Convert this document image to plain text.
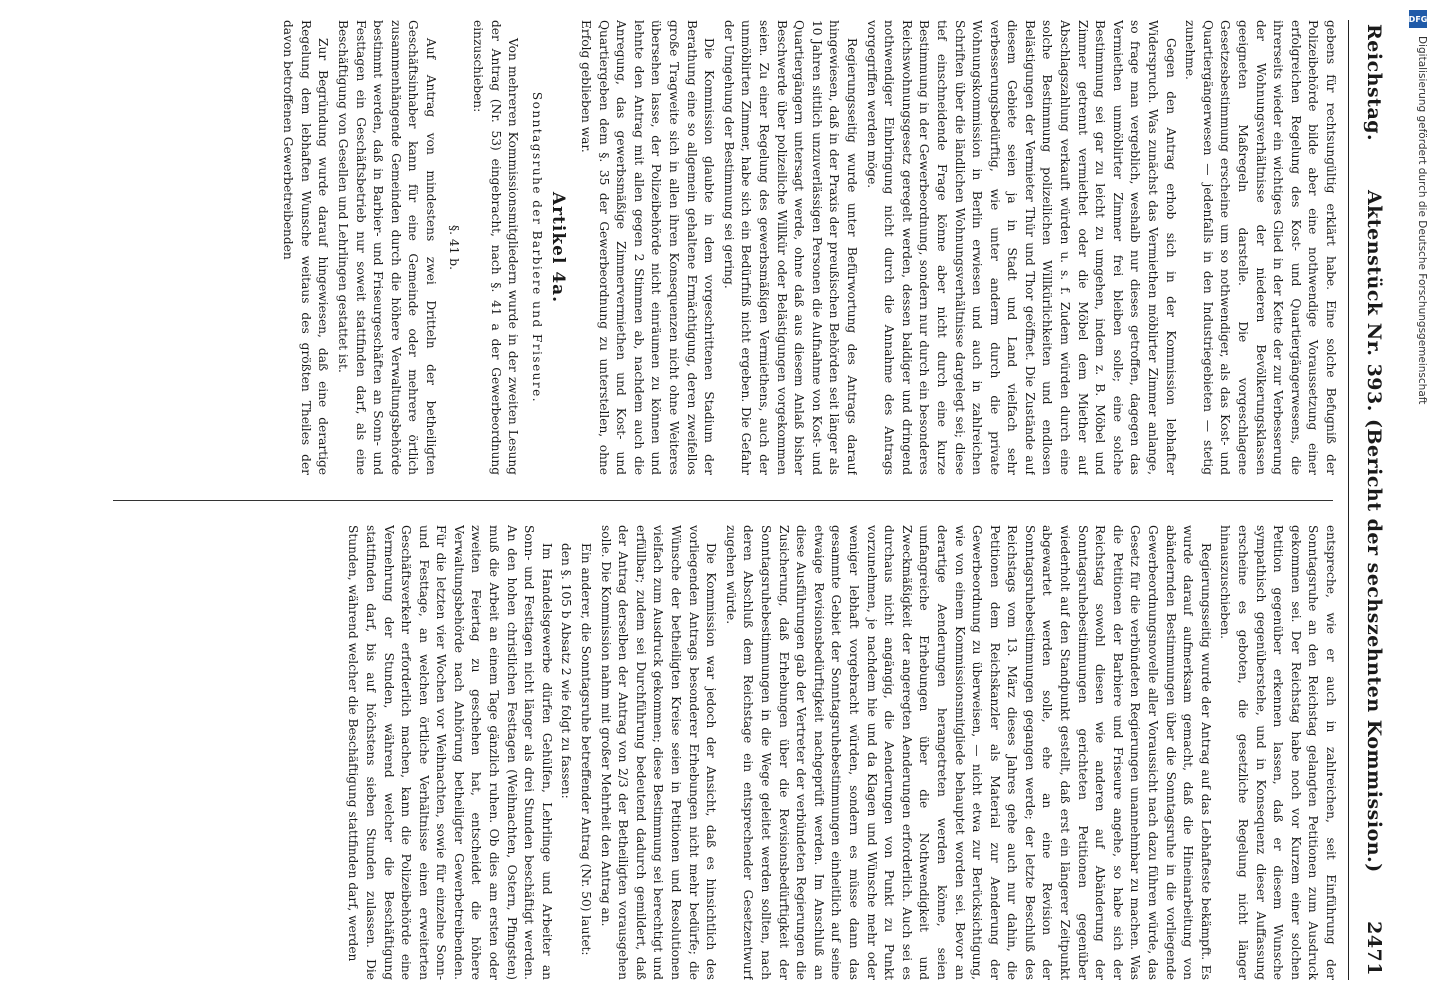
Reichstag.
Aktenstück Nr. 393. (Bericht der sechszehnten Kommission.)
2471

gebens für rechtsungültig erklärt habe. Eine solche Befugniß der Polizeibehörde bilde aber eine nothwendige Voraussetzung einer erfolgreichen Regelung des Kost- und Quartiergängerwesens, die ihrerseits wieder ein wichtiges Glied in der Kette der zur Verbesserung der Wohnungsverhältnisse der niederen Bevölkerungsklassen geeigneten Maßregeln darstelle. Die vorgeschlagene Gesetzesbestimmung erscheine um so nothwendiger, als das Kost- und Quartiergängerwesen — jedenfalls in den Industriegebieten — stetig zunehme.

Gegen den Antrag erhob sich in der Kommission lebhafter Widerspruch. Was zunächst das Vermiethen möblirter Zimmer anlange, so frage man vergeblich, weshalb nur dieses getroffen, dagegen das Vermiethen unmöblirter Zimmer frei bleiben solle; eine solche Bestimmung sei gar zu leicht zu umgehen, indem z. B. Möbel und Zimmer getrennt vermiethet oder die Möbel dem Miether auf Abschlagszahlung verkauft würden u. s. f. Zudem würden durch eine solche Bestimmung polizeilichen Willkürlichkeiten und endlosen Belästigungen der Vermieter Thür und Thor geöffnet. Die Zustände auf diesem Gebiete seien ja in Stadt und Land vielfach sehr verbesserungsbedürftig, wie unter anderm durch die private Wohnungskommission in Berlin erwiesen und auch in zahlreichen Schriften über die ländlichen Wohnungsverhältnisse dargelegt sei; diese tief einschneidende Frage könne aber nicht durch eine kurze Bestimmung in der Gewerbeordnung, sondern nur durch ein besonderes Reichswohnungsgesetz geregelt werden, dessen baldiger und dringend nothwendiger Einbringung nicht durch die Annahme des Antrags vorgegriffen werden möge.

Regierungsseitig wurde unter Befürwortung des Antrags darauf hingewiesen, daß in der Praxis der preußischen Behörden seit länger als 10 Jahren sittlich unzuverlässigen Personen die Aufnahme von Kost- und Quartiergängern untersagt werde, ohne daß aus diesem Anlaß bisher Beschwerde über polizeiliche Willkür oder Belästigungen vorgekommen seien. Zu einer Regelung des gewerbsmäßigen Vermiethens, auch der unmöblirten Zimmer, habe sich ein Bedürfniß nicht ergeben. Die Gefahr der Umgehung der Bestimmung sei gering.

Die Kommission glaubte in dem vorgeschrittenen Stadium der Berathung eine so allgemein gehaltene Ermächtigung, deren zweifellos große Tragweite sich in allen ihren Konsequenzen nicht ohne Weiteres übersehen lasse, der Polizeibehörde nicht einräumen zu können und lehnte den Antrag mit allen gegen 2 Stimmen ab, nachdem auch die Anregung, das gewerbsmäßige Zimmervermiethen und Kost- und Quartiergeben dem §. 35 der Gewerbeordnung zu unterstellen, ohne Erfolg geblieben war.

Artikel 4a.
Sonntagsruhe der Barbiere und Friseure.

Von mehreren Kommissionsmitgliedern wurde in der zweiten Lesung der Antrag (Nr. 53) eingebracht, nach §. 41 a der Gewerbeordnung einzuschieben:

§. 41 b.

Auf Antrag von mindestens zwei Dritteln der betheiligten Geschäftsinhaber kann für eine Gemeinde oder mehrere örtlich zusammenhängende Gemeinden durch die höhere Verwaltungsbehörde bestimmt werden, daß in Barbier- und Friseurgeschäften an Sonn- und Festtagen ein Geschäftsbetrieb nur soweit stattfinden darf, als eine Beschäftigung von Gesellen und Lehrlingen gestattet ist.

Zur Begründung wurde darauf hingewiesen, daß eine derartige Regelung dem lebhaften Wunsche weitaus des größten Theiles der davon betroffenen Gewerbetreibenden

entspreche, wie er auch in zahlreichen, seit Einführung der Sonntagsruhe an den Reichstag gelangten Petitionen zum Ausdruck gekommen sei. Der Reichstag habe noch vor Kurzem einer solchen Petition gegenüber erkennen lassen, daß er diesem Wunsche sympathisch gegenüberstehe, und in Konsequenz dieser Auffassung erscheine es geboten, die gesetzliche Regelung nicht länger hinauszuschieben.

Regierungsseitig wurde der Antrag auf das Lebhafteste bekämpft. Es wurde darauf aufmerksam gemacht, daß die Hineinarbeitung von abändernden Bestimmungen über die Sonntagsruhe in die vorliegende Gewerbeordnungsnovelle aller Voraussicht nach dazu führen würde, das Gesetz für die verbündeten Regierungen unannehmbar zu machen. Was die Petitionen der Barbiere und Friseure angehe, so habe sich der Reichstag sowohl diesen wie anderen auf Abänderung der Sonntagsruhebestimmungen gerichteten Petitionen gegenüber wiederholt auf den Standpunkt gestellt, daß erst ein längerer Zeitpunkt abgewartet werden solle, ehe an eine Revision der Sonntagsruhebestimmungen gegangen werde; der letzte Beschluß des Reichstags vom 13. März dieses Jahres gehe auch nur dahin, die Petitionen dem Reichskanzler als Material zur Aenderung der Gewerbeordnung zu überweisen, — nicht etwa zur Berücksichtigung, wie von einem Kommissionsmitgliede behauptet worden sei. Bevor an derartige Aenderungen herangetreten werden könne, seien umfangreiche Erhebungen über die Nothwendigkeit und Zweckmäßigkeit der angeregten Aenderungen erforderlich. Auch sei es durchaus nicht angängig, die Aenderungen von Punkt zu Punkt vorzunehmen, je nachdem hie und da Klagen und Wünsche mehr oder weniger lebhaft vorgebracht würden, sondern es müsse dann das gesammte Gebiet der Sonntagsruhebestimmungen einheitlich auf seine etwaige Revisionsbedürftigkeit nachgeprüft werden. Im Anschluß an diese Ausführungen gab der Vertreter der verbündeten Regierungen die Zusicherung, daß Erhebungen über die Revisionsbedürftigkeit der Sonntagsruhebestimmungen in die Wege geleitet werden sollten, nach deren Abschluß dem Reichstage ein entsprechender Gesetzentwurf zugehen würde.

Die Kommission war jedoch der Ansicht, daß es hinsichtlich des vorliegenden Antrags besonderer Erhebungen nicht mehr bedürfe; die Wünsche der betheiligten Kreise seien in Petitionen und Resolutionen vielfach zum Ausdruck gekommen; diese Bestimmung sei berechtigt und erfüllbar; zudem sei Durchführung bedeutend dadurch gemildert, daß der Antrag derselben der Antrag von 2/3 der Betheiligten vorausgehen solle. Die Kommission nahm mit großer Mehrheit den Antrag an.

Ein anderer, die Sonntagsruhe betreffender Antrag (Nr. 50) lautet:

den §. 105 b Absatz 2 wie folgt zu fassen:

Im Handelsgewerbe dürfen Gehülfen, Lehrlinge und Arbeiter an Sonn- und Festtagen nicht länger als drei Stunden beschäftigt werden. An den hohen christlichen Festtagen (Weihnachten, Ostern, Pfingsten) muß die Arbeit an einem Tage gänzlich ruhen. Ob dies am ersten oder zweiten Feiertag zu geschehen hat, entscheidet die höhere Verwaltungsbehörde nach Anhörung betheiligter Gewerbetreibenden. Für die letzten vier Wochen vor Weihnachten, sowie für einzelne Sonn- und Festtage, an welchen örtliche Verhältnisse einen erweiterten Geschäftsverkehr erforderlich machen, kann die Polizeibehörde eine Vermehrung der Stunden, während welcher die Beschäftigung stattfinden darf, bis auf höchstens sieben Stunden zulassen. Die Stunden, während welcher die Beschäftigung stattfinden darf, werden

DFG
Digitalisierung gefördert durch die Deutsche Forschungsgemeinschaft
